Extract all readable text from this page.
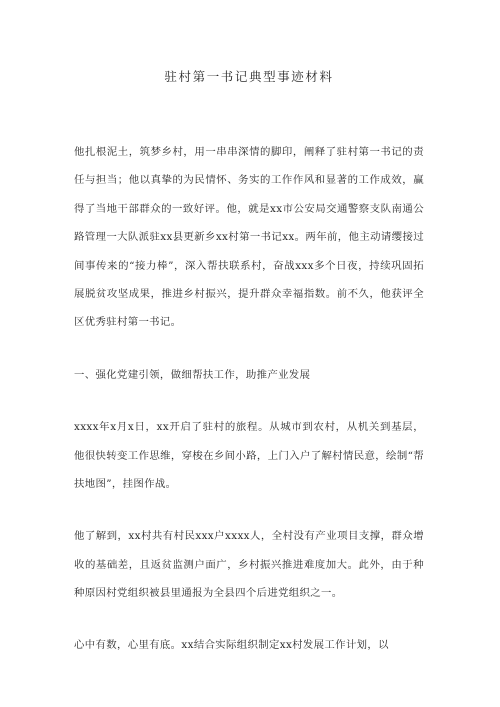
驻村第一书记典型事迹材料

他扎根泥土，筑梦乡村，用一串串深情的脚印，阐释了驻村第一书记的责任与担当；他以真挚的为民情怀、务实的工作作风和显著的工作成效，赢得了当地干部群众的一致好评。他，就是xx市公安局交通警察支队南通公路管理一大队派驻xx县更新乡xx村第一书记xx。两年前，他主动请缨接过间事传来的“接力棒”，深入帮扶联系村，奋战xxx多个日夜，持续巩固拓展脱贫攻坚成果，推进乡村振兴，提升群众幸福指数。前不久，他获评全区优秀驻村第一书记。

一、强化党建引领，做细帮扶工作，助推产业发展

xxxx年x月x日，xx开启了驻村的旅程。从城市到农村，从机关到基层，他很快转变工作思维，穿梭在乡间小路，上门入户了解村情民意，绘制“帮扶地图”，挂图作战。

他了解到，xx村共有村民xxx户xxxx人，全村没有产业项目支撑，群众增收的基础差，且返贫监测户面广，乡村振兴推进难度加大。此外，由于种种原因村党组织被县里通报为全县四个后进党组织之一。

心中有数，心里有底。xx结合实际组织制定xx村发展工作计划，以
